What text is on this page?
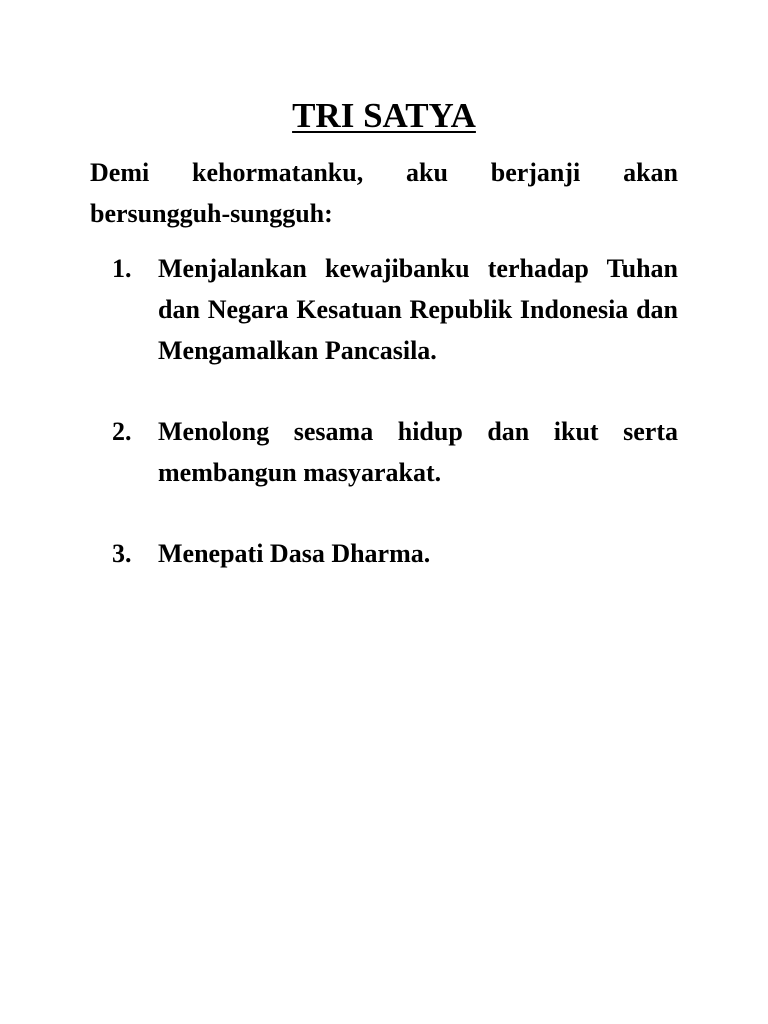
TRI SATYA

Demi kehormatanku, aku berjanji akan bersungguh-sungguh:

1.	Menjalankan kewajibanku terhadap Tuhan dan Negara Kesatuan Republik Indonesia dan Mengamalkan Pancasila.
2.	Menolong sesama hidup dan ikut serta membangun masyarakat.
3.	Menepati Dasa Dharma.
